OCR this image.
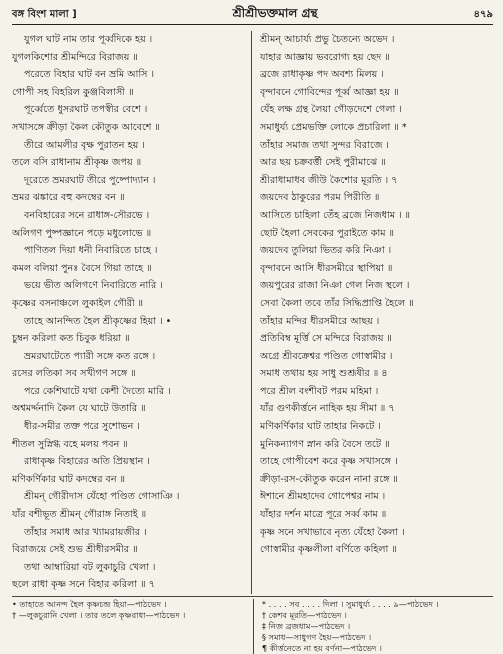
বঙ্গ বিংশ মালা ]	শ্রীশ্রীভক্তমাল গ্রন্থ	৪৭৯
যুগল ঘাট নাম তার পূর্ব্বদিকে হয় ।
যুগলকিশোর শ্রীমন্দিরে বিরাজয় ॥
পরেতে বিহার ঘাট বন ভ্রমি আসি ।
গোপী সহ বিহরিল কুঞ্জবিলাসী ॥
পূর্ব্বেতে ধুসরঘাট তপস্বীর বেশে ।
সখাসঙ্গে ক্রীড়া কৈল কৌতুক আবেশে ॥
তীরে আমলীর বৃক্ষ পুরাতন হয় ।
তলে বসি রাধানাম শ্রীকৃষ্ণ জপয় ॥
দূরেতে ভ্রমরঘাট তীরে পুষ্পোদ্যান ।
ভ্রমর ঝঙ্কারে বহু কদম্বের বন ॥
বনবিহারের সনে রাধাঙ্গ-সৌরভে ।
অলিগণ পুষ্পজ্ঞানে পড়ে মধুলোভে ॥
পাণিতল দিয়া ধনী নিবারিতে চাহে ।
কমল বলিয়া পুনঃ বৈসে গিয়া তাহে ॥
ভয়ে ভীত অলিগণে নিবারিতে নারি ।
কৃষ্ণের বসনাঞ্চলে লুকাইল গৌরী ॥
তাহে আনন্দিত হৈল শ্রীকৃষ্ণের হিয়া । •
চুম্বন করিলা কত চিবুক ধরিয়া ॥
ভ্রমরঘাটেতে প্যারী সঙ্গে কত রঙ্গে ।
রসের লতিকা সব সখীগণ সঙ্গে ॥
পরে কেশিঘাটে যথা কেশী দৈত্যে মারি ।
অশ্বমর্দ্দনাদি কৈল যে ঘাটে উতারি ॥
ধীর-সমীর তক্ত পরে সুশোভন ।
শীতল সুস্নিগ্ধ বহে মলয় পবন ॥
রাধাকৃষ্ণ বিহারের অতি প্রিয়স্থান ।
মণিকর্ণিকার ঘাট কদম্বের বন ॥
শ্রীমন্ গৌরীদাস যেঁহো পণ্ডিত গোসাঞি ।
যাঁর বশীভূত শ্রীমন্ গৌরাঙ্গ নিতাই ॥
তাঁহার সমাধ আর খ্যামরায়জীর ।
বিরাজয়ে সেই শুভ শ্রীধীরসমীর ॥
তথা আম্বারিয়া বট লুকাচুরি খেলা ।
ছলে রাধা কৃষ্ণ সনে বিহার করিলা ॥ ৭
শ্রীমন্ আচার্য্য প্রভু চৈতন্যে অভেদ ।
যাহার আজ্ঞায় ভবরোগ্য হয় ছেদ ॥
ব্রজে রাধাকৃষ্ণ পদ অবশ্য মিলয় ।
বৃন্দাবনে গোবিন্দের পূর্ব্ব আজ্ঞা হয় ॥
যেঁহ লক্ষ গ্রন্থ লৈয়া গৌড়দেশে গেলা ।
সমাধুর্য্য প্রেমভক্তি লোকে প্রচারিলা ॥ *
তাঁহার সমাজ তথা সুন্দর বিরাজে ।
আর ছয় চক্রবর্ত্তী সেই পুরীমাঝে ॥
শ্রীরাধামাধব জীউ কৈশোর মূরতি । ৭
জয়দেব ঠাকুরের পরম পিরীতি ॥
আসিতে চাহিলা তেঁহ ব্রজে নিজধাম । ॥
ছোট হৈলা সেবকের পুরাইতে কাম ॥
জয়দেব তুলিয়া ভিতর করি নিঞা ।
বৃন্দাবনে আসি ধীরসমীরে স্থাপিয়া ॥
জয়পুরের রাজা নিঞা গেল নিজ স্থলে ।
সেবা কৈলা তবে তাঁর সিদ্ধিপ্রাপ্তি হৈলে ॥
তাঁহার মন্দির ধীরসমীরে আছয় ।
প্রতিবিম্ব মূর্ত্তি সে মন্দিরে বিরাজয় ॥
অগ্রে শ্রীবক্রেশ্বর পণ্ডিত গোস্বামীর ।
সমাধ তথায় হয় সাধু শুশ্রূষীর ॥ ৪
পরে শ্রীল বংশীবট পরম মহিমা ।
যাঁর গুণকীর্ত্তনে নাহিক হয় সীমা ॥ ৭
মণিকর্ণিকার ঘাট তাহার নিকটে ।
মুনিকন্যাগণ স্নান করি বৈসে তটে ॥
তাহে গোপীবেশ করে কৃষ্ণ সখাসঙ্গে ।
ক্রীড়া-রস-কৌতুক করেন নানা রঙ্গে ॥
ঈশানে শ্রীমহাদেব গোপেশ্বর নাম ।
যাঁহার দর্শন মাত্রে পূরে সর্ব্ব কাম ॥
কৃষ্ণ সনে সখাভাবে নৃত্য যেঁহো কৈলা ।
গোস্বামীর কৃষ্ণলীলা বর্ণিতে কহিলা ॥
• তাহাতে আনন্দ হৈল কৃষ্ণচন্দ্র হিয়া—পাঠভেদ ।
† —লুকচুরানি খেলা । তার তলে কৃষ্ণরাধা—পাঠভেদ ।
* . . . . সব . . . . দিলা । সুমাধুর্য্য . . . . ৯—পাঠভেদ ।
† কেশব মূরতি—পাঠভেদ ।
‡ নিজ ব্রজধাম—পাঠভেদ ।
§ সমাধ—সাধুগণ হৈয়—পাঠভেদ ।
¶ কীর্ত্তনেতে না হয় বর্ণনা—পাঠভেদ ।
